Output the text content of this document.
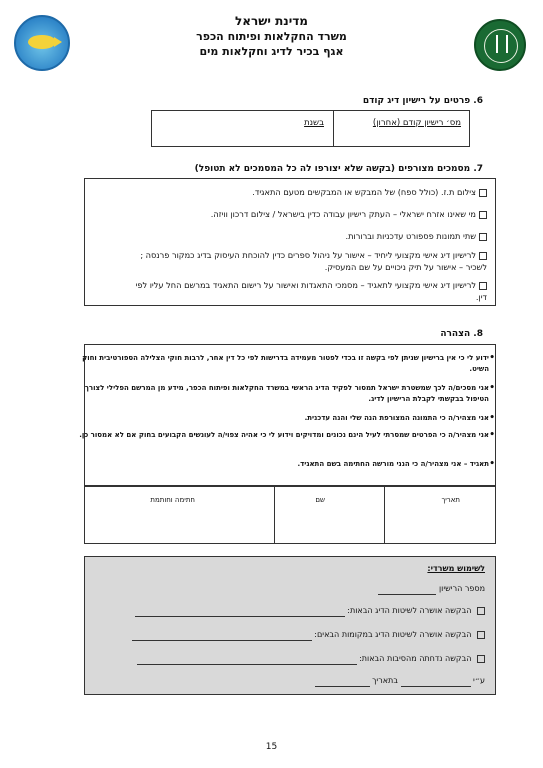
מדינת ישראל
משרד החקלאות ופיתוח הכפר
אגף בכיר לדיג וחקלאות מים
6. פרטים על רישיון דיג קודם
מס׳ רישיון קודם (אחרון)
בשנת
7. מסמכים מצורפים (בקשה שלא יצורפו לה כל המסמכים לא תטופל)
צילום ת.ז. (כולל ספח) של המבקש או המבקשים מטעם התאגיד.
מי שאינו אזרח ישראלי – העתק רישיון עבודה כדין בישראל / צילום דרכון וויזה.
שתי תמונות פספורט עדכניות וברורות.
לרישיון דיג אישי מקצועי ליחיד – אישור על ניהול ספרים כדין להוכחת העיסוק בדיג כמקור פרנסה ; לשכיר – אישור על תיק ניכויים על שם המעסיק.
לרישיון דיג אישי מקצועי לתאגיד – מסמכי התאגדות ואישור על רישום התאגיד במרשם החל עליו לפי דין.
8. הצהרה
• ידוע לי כי אין ברישיון שניתן לפי בקשה זו בכדי לפטור מעמידה בדרישות לפי כל דין אחר, לרבות חוקי הצלילה הספורטיבית וחוק השיט.
• אני מסכים/ה לכך שמשטרת ישראל תמסור לפקיד הדיג הראשי במשרד החקלאות ופיתוח הכפר, מידע מן המרשם הפלילי לצורך הטיפול בבקשתי לקבלת הרישיון לדיג.
• אני מצהיר/ה כי התמונה המצורפת הנה שלי והנה עדכנית.
• אני מצהיר/ה כי הפרטים שמסרתי לעיל הינם נכונים ומדויקים וידוע לי כי אהיה צפוי/ה לעונשים הקבועים בחוק אם לא אמסור כן.
• תאגיד – אני מצהיר/ה כי הנני מורשה החתימה בשם התאגיד.
תאריך
שם
חתימה וחותמת
לשימוש משרדי:
מספר הרישיון
הבקשה אושרה לשיטות הדיג הבאות:
הבקשה אושרה לשיטות הדיג במקומות הבאים:
הבקשה נדחתה מהסיבות הבאות:
ע״י  בתאריך
15
